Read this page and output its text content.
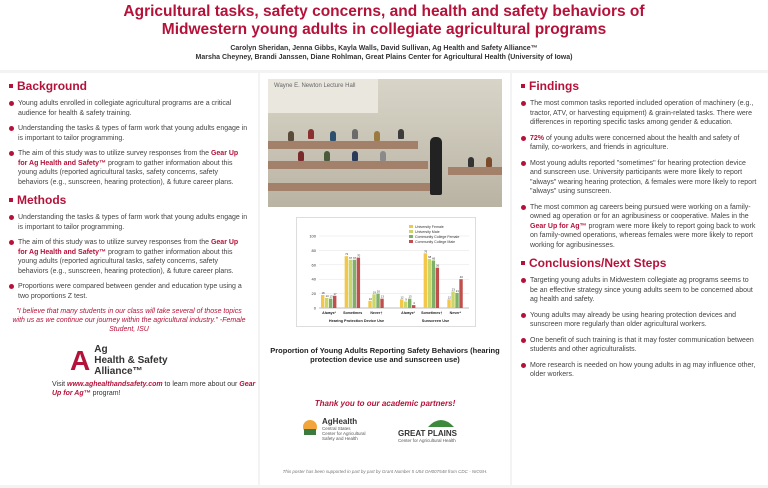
Agricultural tasks, safety concerns, and health and safety behaviors of
Midwestern young adults in collegiate agricultural programs
Carolyn Sheridan, Jenna Gibbs, Kayla Walls, David Sullivan, Ag Health and Safety Alliance™
Marsha Cheyney, Brandi Janssen, Diane Rohlman, Great Plains Center for Agricultural Health (University of Iowa)
Background
Young adults enrolled in collegiate agricultural programs are a critical audience for health & safety training.
Understanding the tasks & types of farm work that young adults engage in is important to tailor programming.
The aim of this study was to utilize survey responses from the Gear Up for Ag Health and Safety™ program to gather information about this young adults (reported agricultural tasks, safety concerns, safety behaviors (e.g., sunscreen, hearing protection), & future career plans.
Methods
Understanding the tasks & types of farm work that young adults engage in is important to tailor programming.
The aim of this study was to utilize survey responses from the Gear Up for Ag Health and Safety™ program to gather information about this young adults (reported agricultural tasks, safety concerns, safety behaviors (e.g., sunscreen, hearing protection), & future career plans.
Proportions were compared between gender and education type using a two proportions Z test.
"I believe that many students in our class will take several of those topics with us as we continue our journey within the agricultural industry." -Female Student, ISU
A Ag
Health & Safety
Alliance™
Visit www.aghealthandsafety.com to learn more about our Gear Up for Ag™ program!
Wayne E. Newton Lecture Hall
0
20
40
60
80
100
18
14 13
17
Always*
72
67 67
70
Sometimes
10
19 20
13
Never†
12
9
13
4
Always*
76
68 66
56
Sometimes†
12
23 21
40
Never*
Hearing Protection Device Use	Sunscreen Use
University Female
University Male
Community College Female
Community College Male
Proportion of Young Adults Reporting Safety Behaviors (hearing protection device use and sunscreen use)
Thank you to our academic partners!
AgHealth
Central States
Center for Agricultural Safety and Health
GREAT PLAINS
Center for Agricultural Health
This poster has been supported in part by part by Grant Number 5 U54 OH007548 from CDC - NIOSH.
Findings
The most common tasks reported included operation of machinery (e.g., tractor, ATV, or harvesting equipment) & grain-related tasks. There were differences in reporting specific tasks among gender & education.
72% of young adults were concerned about the health and safety of family, co-workers, and friends in agriculture.
Most young adults reported "sometimes" for hearing protection device and sunscreen use. University participants were more likely to report "always" wearing hearing protection, & females were more likely to report "always" using sunscreen.
The most common ag careers being pursued were working on a family-owned ag operation or for an agribusiness or cooperative. Males in the Gear Up for Ag™ program were more likely to report going back to work on family-owned operations, whereas females were more likely to report working for agribusinesses.
Conclusions/Next Steps
Targeting young adults in Midwestern collegiate ag programs seems to be an effective strategy since young adults seem to be concerned about ag health and safety.
Young adults may already be using hearing protection devices and sunscreen more regularly than older agricultural workers.
One benefit of such training is that it may foster communication between students and other agriculturalists.
More research is needed on how young adults in ag may influence other, older workers.
